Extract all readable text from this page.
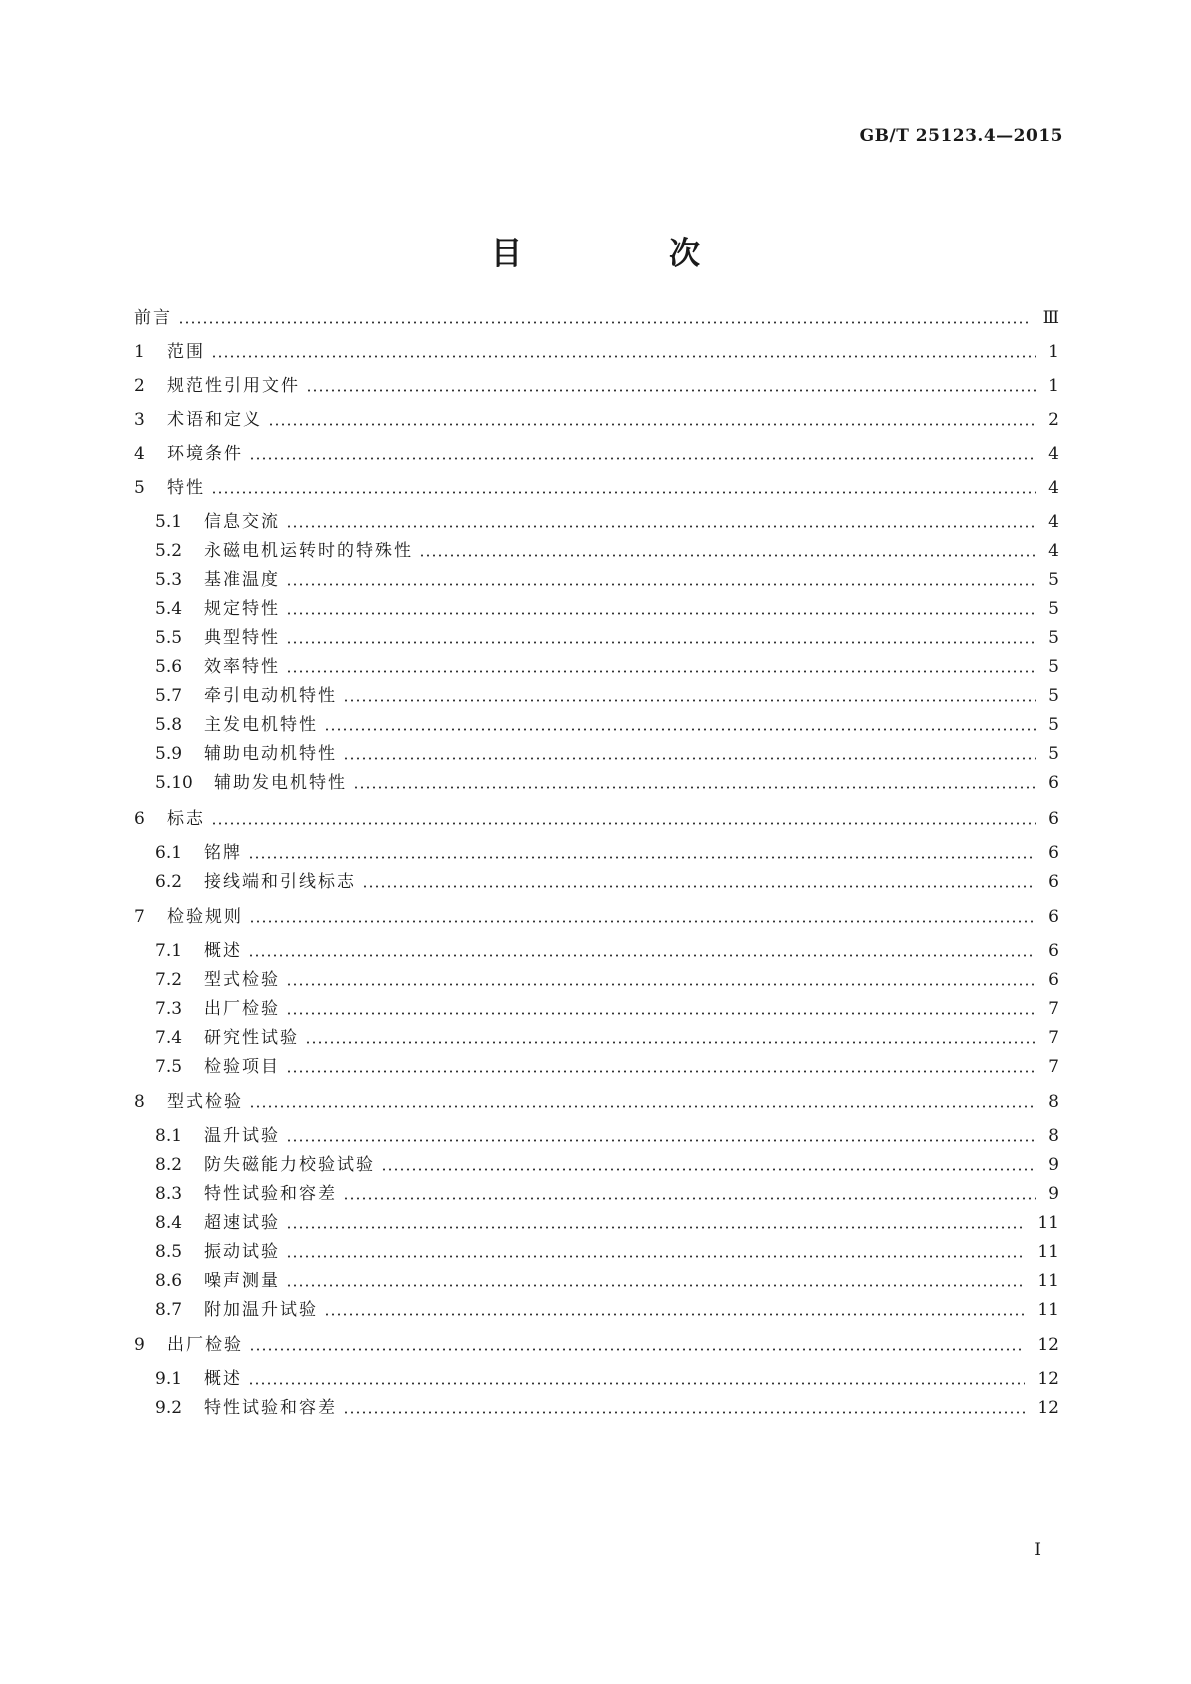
GB/T 25123.4—2015
目　次
前言	Ⅲ
1 范围	1
2 规范性引用文件	1
3 术语和定义	2
4 环境条件	4
5 特性	4
5.1 信息交流	4
5.2 永磁电机运转时的特殊性	4
5.3 基准温度	5
5.4 规定特性	5
5.5 典型特性	5
5.6 效率特性	5
5.7 牵引电动机特性	5
5.8 主发电机特性	5
5.9 辅助电动机特性	5
5.10 辅助发电机特性	6
6 标志	6
6.1 铭牌	6
6.2 接线端和引线标志	6
7 检验规则	6
7.1 概述	6
7.2 型式检验	6
7.3 出厂检验	7
7.4 研究性试验	7
7.5 检验项目	7
8 型式检验	8
8.1 温升试验	8
8.2 防失磁能力校验试验	9
8.3 特性试验和容差	9
8.4 超速试验	11
8.5 振动试验	11
8.6 噪声测量	11
8.7 附加温升试验	11
9 出厂检验	12
9.1 概述	12
9.2 特性试验和容差	12
Ⅰ
